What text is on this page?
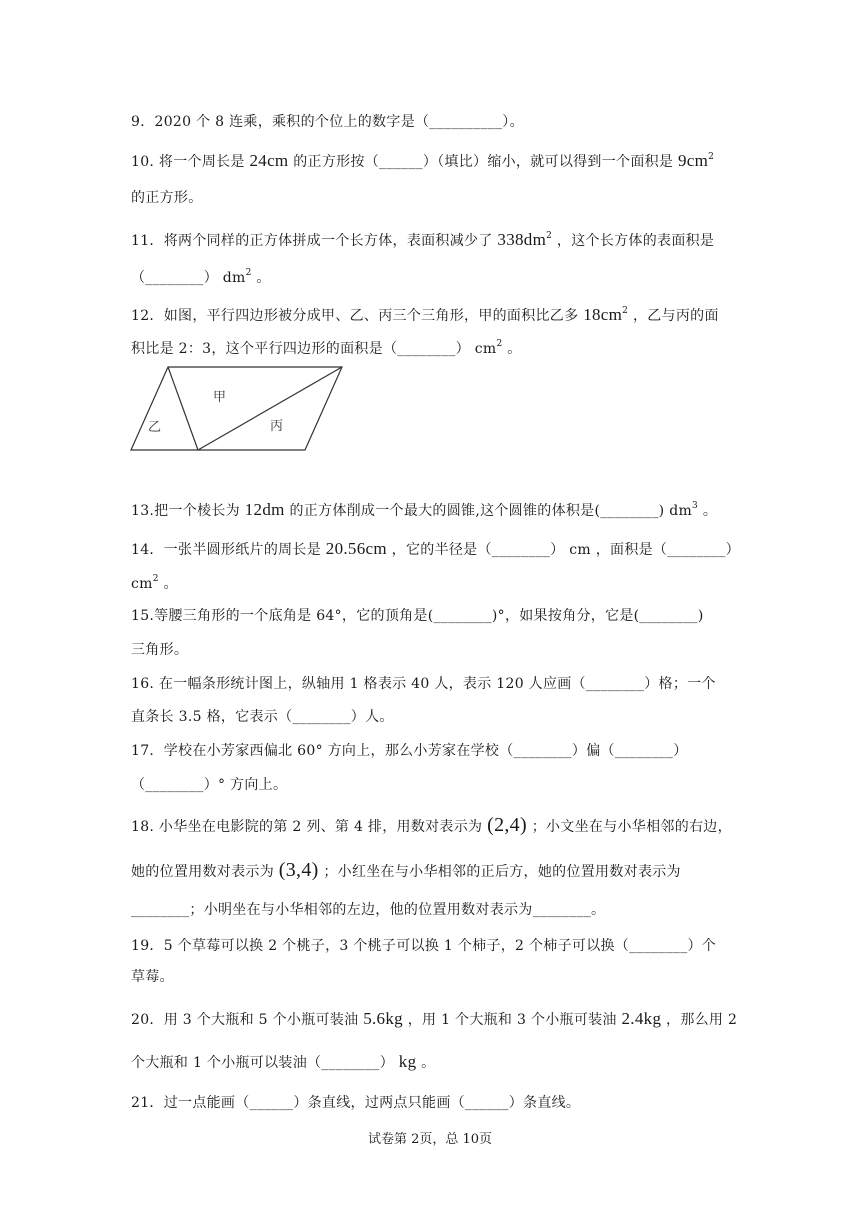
9．2020 个 8 连乘，乘积的个位上的数字是（__________）。
10. 将一个周长是 24cm 的正方形按（______）（填比）缩小，就可以得到一个面积是 $9cm^2$
的正方形。
11．将两个同样的正方体拼成一个长方体，表面积减少了 $338dm^2$ ，这个长方体的表面积是
（________） $dm^2$ 。
12．如图，平行四边形被分成甲、乙、丙三个三角形，甲的面积比乙多 $18cm^2$ ，乙与丙的面
积比是 2：3，这个平行四边形的面积是（________） $cm^2$ 。
甲
乙	丙
13.把一个棱长为 12dm 的正方体削成一个最大的圆锥,这个圆锥的体积是(________) $dm^3$ 。
14．一张半圆形纸片的周长是 20.56cm ，它的半径是（________） cm ，面积是（________）
$cm^2$ 。
15.等腰三角形的一个底角是 64°，它的顶角是(________)°，如果按角分，它是(________)
三角形。
16. 在一幅条形统计图上，纵轴用 1 格表示 40 人，表示 120 人应画（________）格；一个
直条长 3.5 格，它表示（________）人。
17．学校在小芳家西偏北 60° 方向上，那么小芳家在学校（________）偏（________）
（________）° 方向上。
18. 小华坐在电影院的第 2 列、第 4 排，用数对表示为 (2,4) ；小文坐在与小华相邻的右边，
她的位置用数对表示为 (3,4) ；小红坐在与小华相邻的正后方，她的位置用数对表示为
________；小明坐在与小华相邻的左边，他的位置用数对表示为________。
19．5 个草莓可以换 2 个桃子，3 个桃子可以换 1 个柿子，2 个柿子可以换（________）个
草莓。
20．用 3 个大瓶和 5 个小瓶可装油 5.6kg ，用 1 个大瓶和 3 个小瓶可装油 2.4kg ，那么用 2
个大瓶和 1 个小瓶可以装油（________） kg 。
21．过一点能画（______）条直线，过两点只能画（______）条直线。
试卷第 2页，总 10页
